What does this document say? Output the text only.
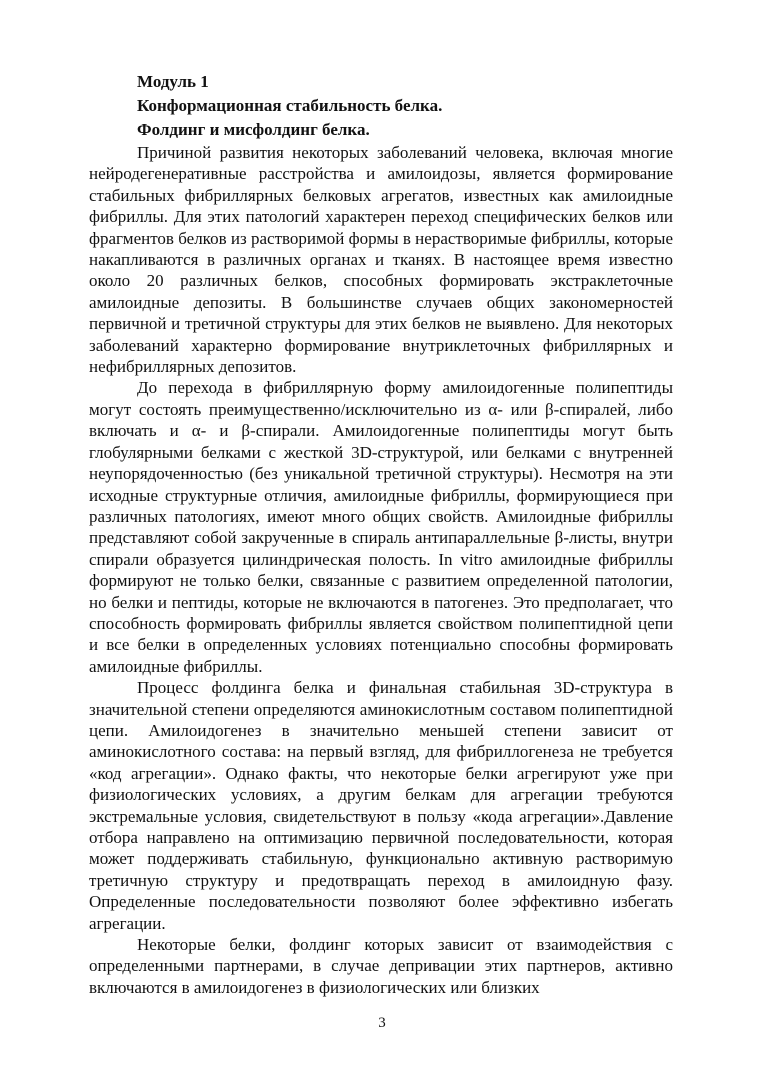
Модуль 1

Конформационная стабильность белка.

Фолдинг и мисфолдинг белка.

Причиной развития некоторых заболеваний человека, включая многие нейродегенеративные расстройства и амилоидозы, является формирование стабильных фибриллярных белковых агрегатов, известных как амилоидные фибриллы. Для этих патологий характерен переход специфических белков или фрагментов белков из растворимой формы в нерастворимые фибриллы, которые накапливаются в различных органах и тканях. В настоящее время известно около 20 различных белков, способных формировать экстраклеточные амилоидные депозиты. В большинстве случаев общих закономерностей первичной и третичной структуры для этих белков не выявлено. Для некоторых заболеваний характерно формирование внутриклеточных фибриллярных и нефибриллярных депозитов.

До перехода в фибриллярную форму амилоидогенные полипептиды могут состоять преимущественно/исключительно из α- или β-спиралей, либо включать и α- и β-спирали. Амилоидогенные полипептиды могут быть глобулярными белками с жесткой 3D-структурой, или белками с внутренней неупорядоченностью (без уникальной третичной структуры). Несмотря на эти исходные структурные отличия, амилоидные фибриллы, формирующиеся при различных патологиях, имеют много общих свойств. Амилоидные фибриллы представляют собой закрученные в спираль антипараллельные β-листы, внутри спирали образуется цилиндрическая полость. In vitro амилоидные фибриллы формируют не только белки, связанные с развитием определенной патологии, но белки и пептиды, которые не включаются в патогенез. Это предполагает, что способность формировать фибриллы является свойством полипептидной цепи и все белки в определенных условиях потенциально способны формировать амилоидные фибриллы.

Процесс фолдинга белка и финальная стабильная 3D-структура в значительной степени определяются аминокислотным составом полипептидной цепи. Амилоидогенез в значительно меньшей степени зависит от аминокислотного состава: на первый взгляд, для фибриллогенеза не требуется «код агрегации». Однако факты, что некоторые белки агрегируют уже при физиологических условиях, а другим белкам для агрегации требуются экстремальные условия, свидетельствуют в пользу «кода агрегации».Давление отбора направлено на оптимизацию первичной последовательности, которая может поддерживать стабильную, функционально активную растворимую третичную структуру и предотвращать переход в амилоидную фазу. Определенные последовательности позволяют более эффективно избегать агрегации.

Некоторые белки, фолдинг которых зависит от взаимодействия с определенными партнерами, в случае депривации этих партнеров, активно включаются в амилоидогенез в физиологических или близких

3
